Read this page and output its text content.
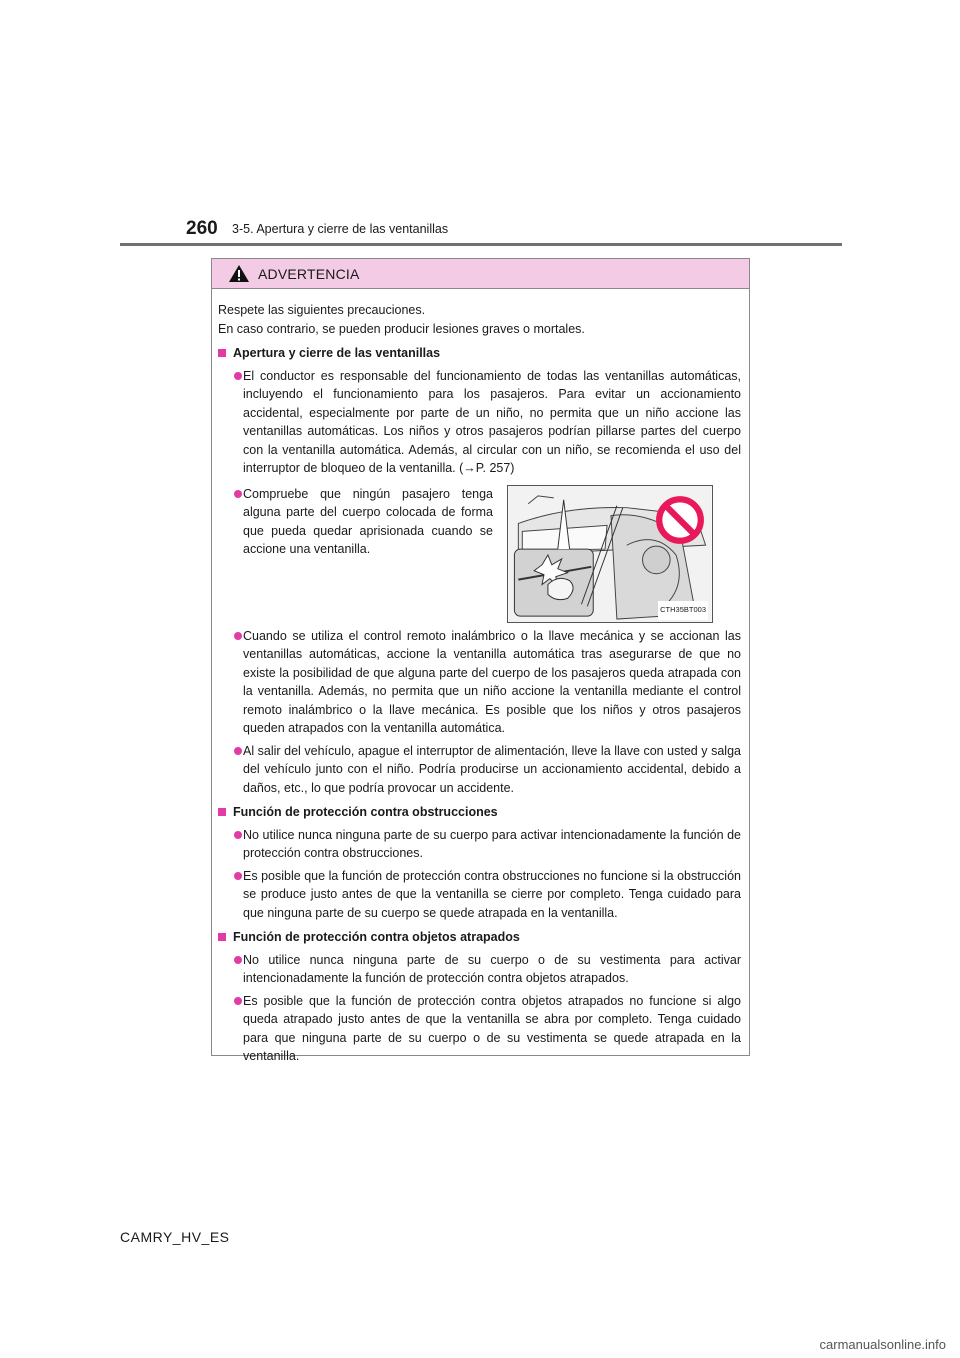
260 3-5. Apertura y cierre de las ventanillas
ADVERTENCIA

Respete las siguientes precauciones.

En caso contrario, se pueden producir lesiones graves o mortales.

Apertura y cierre de las ventanillas
El conductor es responsable del funcionamiento de todas las ventanillas automáticas, incluyendo el funcionamiento para los pasajeros. Para evitar un accionamiento accidental, especialmente por parte de un niño, no permita que un niño accione las ventanillas automáticas. Los niños y otros pasajeros podrían pillarse partes del cuerpo con la ventanilla automática. Además, al circular con un niño, se recomienda el uso del interruptor de bloqueo de la ventanilla. (→P. 257)
Compruebe que ningún pasajero tenga alguna parte del cuerpo colocada de forma que pueda quedar aprisionada cuando se accione una ventanilla.
CTH35BT003
Cuando se utiliza el control remoto inalámbrico o la llave mecánica y se accionan las ventanillas automáticas, accione la ventanilla automática tras asegurarse de que no existe la posibilidad de que alguna parte del cuerpo de los pasajeros queda atrapada con la ventanilla. Además, no permita que un niño accione la ventanilla mediante el control remoto inalámbrico o la llave mecánica. Es posible que los niños y otros pasajeros queden atrapados con la ventanilla automática.
Al salir del vehículo, apague el interruptor de alimentación, lleve la llave con usted y salga del vehículo junto con el niño. Podría producirse un accionamiento accidental, debido a daños, etc., lo que podría provocar un accidente.
Función de protección contra obstrucciones
No utilice nunca ninguna parte de su cuerpo para activar intencionadamente la función de protección contra obstrucciones.
Es posible que la función de protección contra obstrucciones no funcione si la obstrucción se produce justo antes de que la ventanilla se cierre por completo. Tenga cuidado para que ninguna parte de su cuerpo se quede atrapada en la ventanilla.
Función de protección contra objetos atrapados
No utilice nunca ninguna parte de su cuerpo o de su vestimenta para activar intencionadamente la función de protección contra objetos atrapados.
Es posible que la función de protección contra objetos atrapados no funcione si algo queda atrapado justo antes de que la ventanilla se abra por completo. Tenga cuidado para que ninguna parte de su cuerpo o de su vestimenta se quede atrapada en la ventanilla.
CAMRY_HV_ES
carmanualsonline.info
